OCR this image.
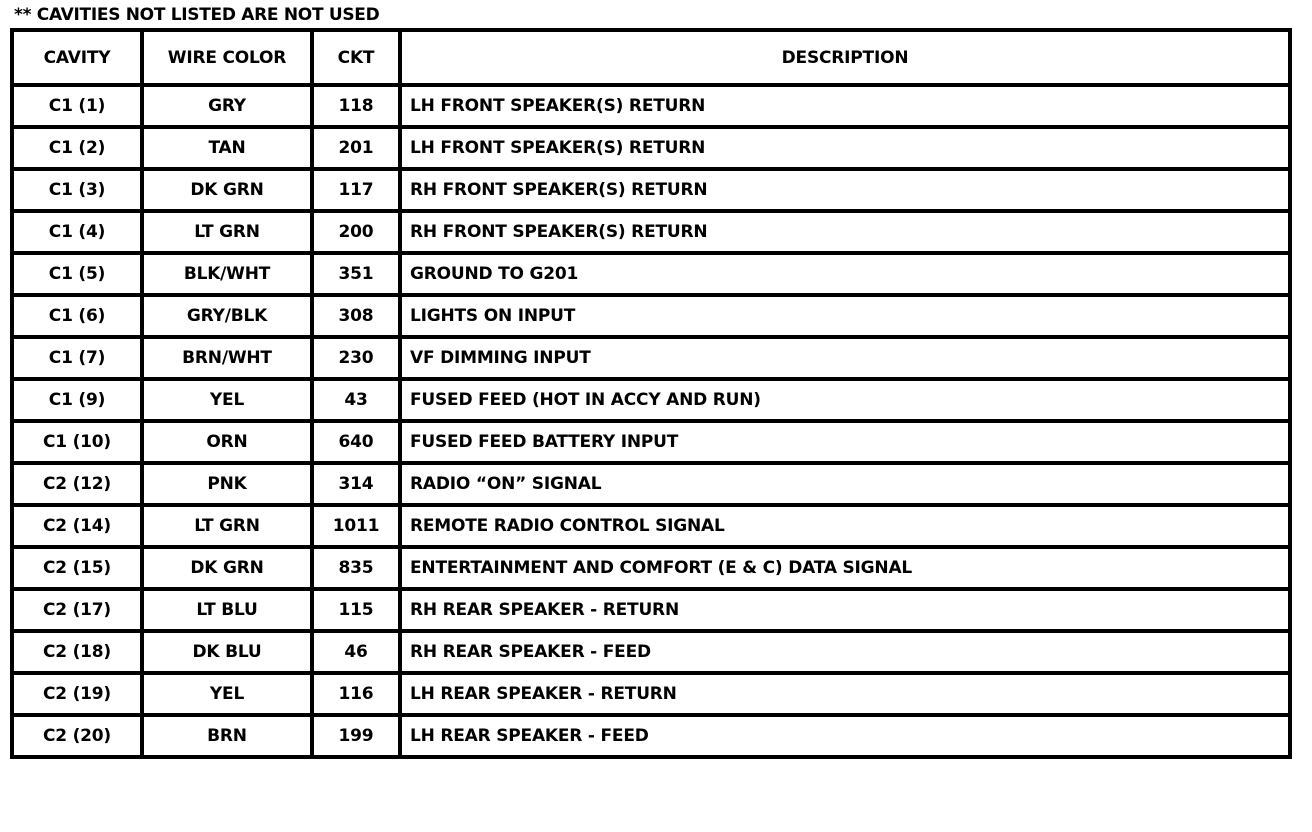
** CAVITIES NOT LISTED ARE NOT USED
CAVITY	WIRE COLOR	CKT	DESCRIPTION
C1 (1)	GRY	118	LH FRONT SPEAKER(S) RETURN
C1 (2)	TAN	201	LH FRONT SPEAKER(S) RETURN
C1 (3)	DK GRN	117	RH FRONT SPEAKER(S) RETURN
C1 (4)	LT GRN	200	RH FRONT SPEAKER(S) RETURN
C1 (5)	BLK/WHT	351	GROUND TO G201
C1 (6)	GRY/BLK	308	LIGHTS ON INPUT
C1 (7)	BRN/WHT	230	VF DIMMING INPUT
C1 (9)	YEL	43	FUSED FEED (HOT IN ACCY AND RUN)
C1 (10)	ORN	640	FUSED FEED BATTERY INPUT
C2 (12)	PNK	314	RADIO “ON” SIGNAL
C2 (14)	LT GRN	1011	REMOTE RADIO CONTROL SIGNAL
C2 (15)	DK GRN	835	ENTERTAINMENT AND COMFORT (E & C) DATA SIGNAL
C2 (17)	LT BLU	115	RH REAR SPEAKER - RETURN
C2 (18)	DK BLU	46	RH REAR SPEAKER - FEED
C2 (19)	YEL	116	LH REAR SPEAKER - RETURN
C2 (20)	BRN	199	LH REAR SPEAKER - FEED
